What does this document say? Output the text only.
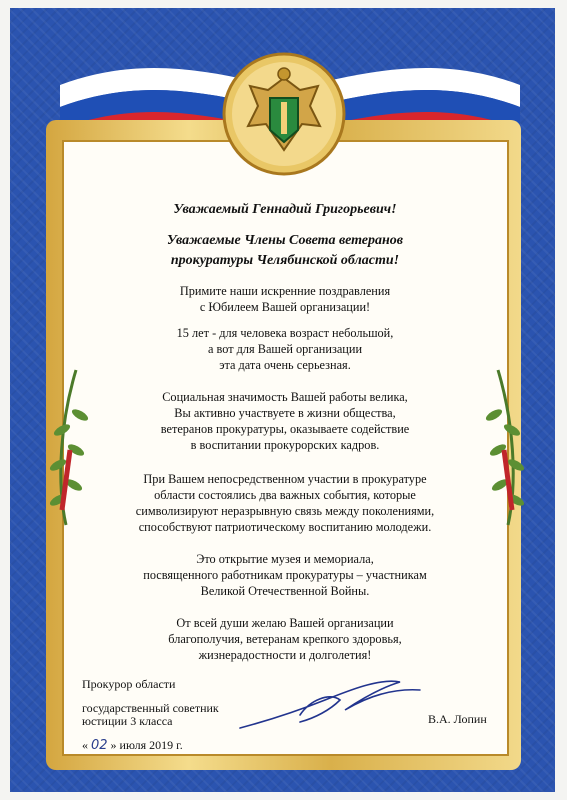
Уважаемый Геннадий Григорьевич!

Уважаемые Члены Совета ветеранов

прокуратуры Челябинской области!

Примите наши искренние поздравления

с Юбилеем Вашей организации!

15 лет - для человека возраст небольшой,

а вот для Вашей организации

эта дата очень серьезная.

Социальная значимость Вашей работы велика,

Вы активно участвуете в жизни общества,

ветеранов прокуратуры, оказываете содействие

в воспитании прокурорских кадров.

При Вашем непосредственном участии в прокуратуре

области состоялись два важных события, которые

символизируют неразрывную связь между поколениями,

способствуют патриотическому воспитанию молодежи.

Это открытие музея и мемориала,

посвященного работникам прокуратуры – участникам

Великой Отечественной Войны.

От всей души желаю Вашей организации

благополучия, ветеранам крепкого здоровья,

жизнерадостности и долголетия!

Прокурор области
государственный советник
юстиции 3 класса	В.А. Лопин
« 02 » июля 2019 г.
